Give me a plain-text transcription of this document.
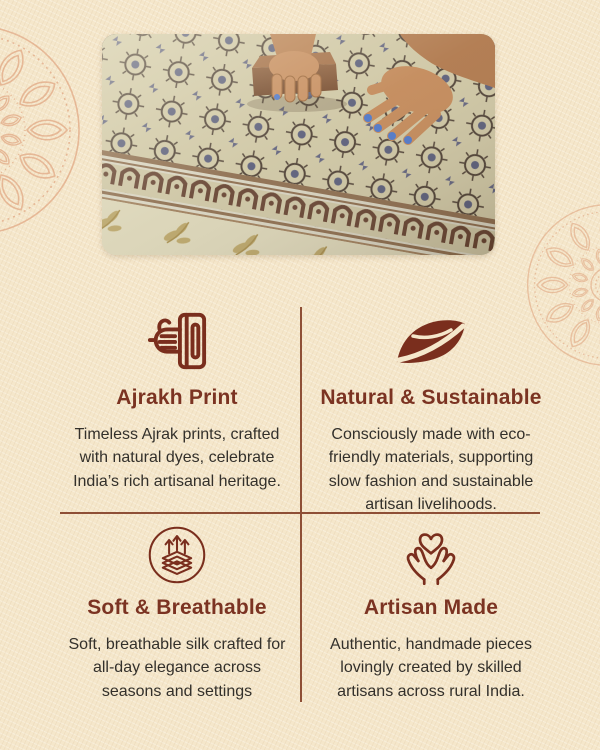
Ajrakh Print
Timeless Ajrak prints, crafted with natural dyes, celebrate India’s rich artisanal heritage.
Natural & Sustainable
Consciously made with eco-friendly materials, supporting slow fashion and sustainable artisan livelihoods.
Soft & Breathable
Soft, breathable silk crafted for all-day elegance across seasons and settings
Artisan Made
Authentic, handmade pieces lovingly created by skilled artisans across rural India.
